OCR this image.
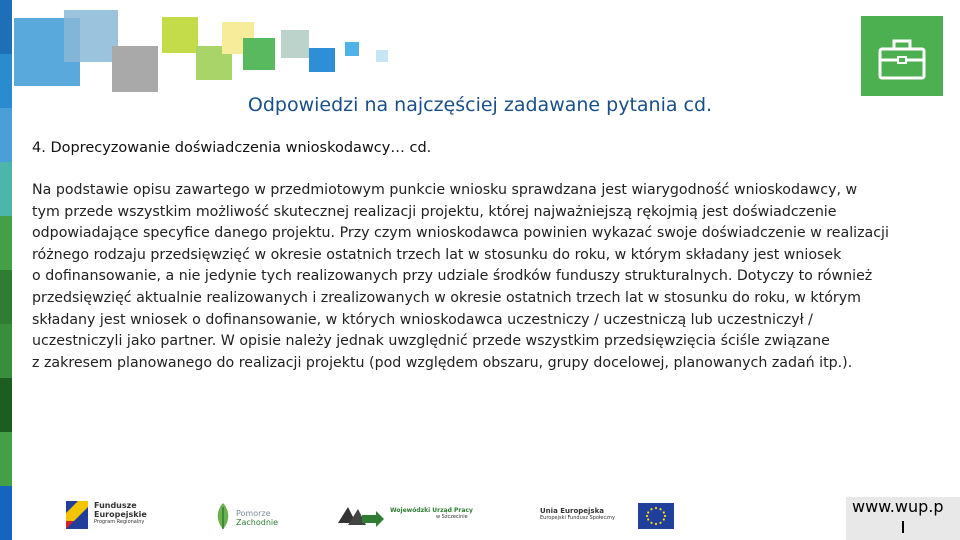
Odpowiedzi na najczęściej zadawane pytania cd.
4. Doprecyzowanie doświadczenia wnioskodawcy… cd.

Na podstawie opisu zawartego w przedmiotowym punkcie wniosku sprawdzana jest wiarygodność wnioskodawcy, w

tym przede wszystkim możliwość skutecznej realizacji projektu, której najważniejszą rękojmią jest doświadczenie

odpowiadające specyfice danego projektu. Przy czym wnioskodawca powinien wykazać swoje doświadczenie w realizacji

różnego rodzaju przedsięwzięć w okresie ostatnich trzech lat w stosunku do roku, w którym składany jest wniosek

o dofinansowanie, a nie jedynie tych realizowanych przy udziale środków funduszy strukturalnych. Dotyczy to również

przedsięwzięć aktualnie realizowanych i zrealizowanych w okresie ostatnich trzech lat w stosunku do roku, w którym

składany jest wniosek o dofinansowanie, w których wnioskodawca uczestniczy / uczestniczą lub uczestniczył /

uczestniczyli jako partner. W opisie należy jednak uwzględnić przede wszystkim przedsięwzięcia ściśle związane

z zakresem planowanego do realizacji projektu (pod względem obszaru, grupy docelowej, planowanych zadań itp.).

Fundusze
Europejskie
Program Regionalny
Pomorze
Zachodnie
Wojewódzki Urząd Pracy
w Szczecinie
Unia Europejska
Europejski Fundusz Społeczny
www.wup.p
